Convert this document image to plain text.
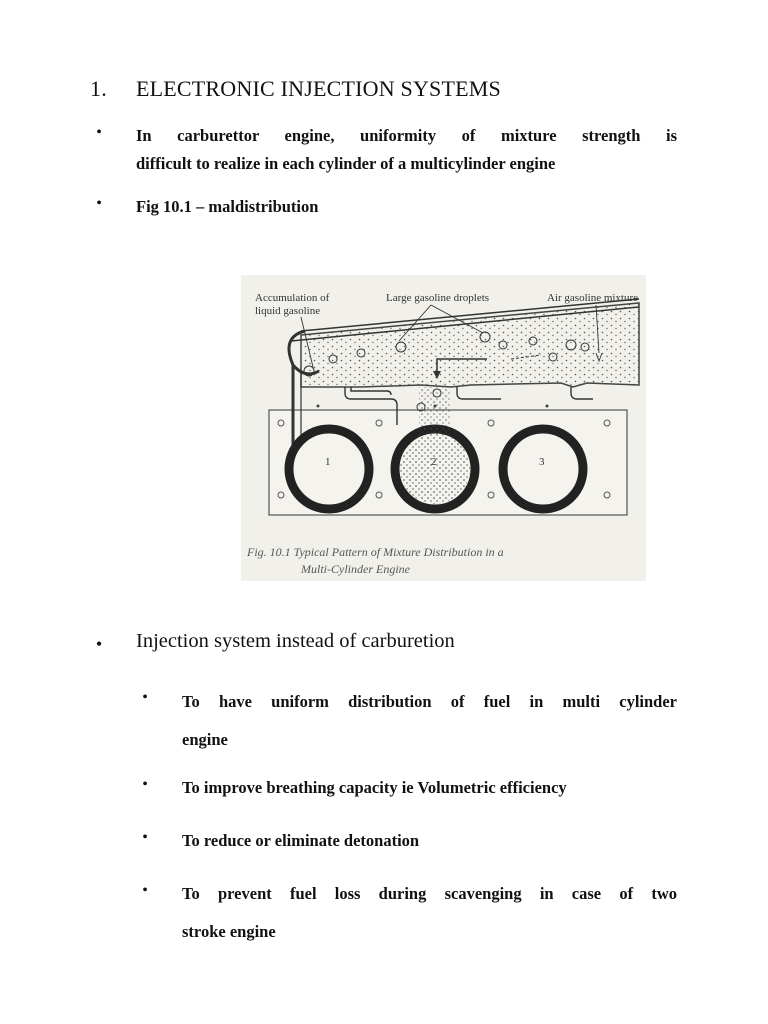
1. ELECTRONIC INJECTION SYSTEMS
• In carburettor engine, uniformity of mixture strength is
difficult to realize in each cylinder of a multicylinder engine
• Fig 10.1 – maldistribution
1	2	3
Accumulation of
liquid gasoline
Large gasoline droplets	Air gasoline mixture
Fig. 10.1 Typical Pattern of Mixture Distribution in a
Multi-Cylinder Engine
• Injection system instead of carburetion
• To have uniform distribution of fuel in multi cylinder
engine
• To improve breathing capacity ie Volumetric efficiency
• To reduce or eliminate detonation
• To prevent fuel loss during scavenging in case of two
stroke engine
